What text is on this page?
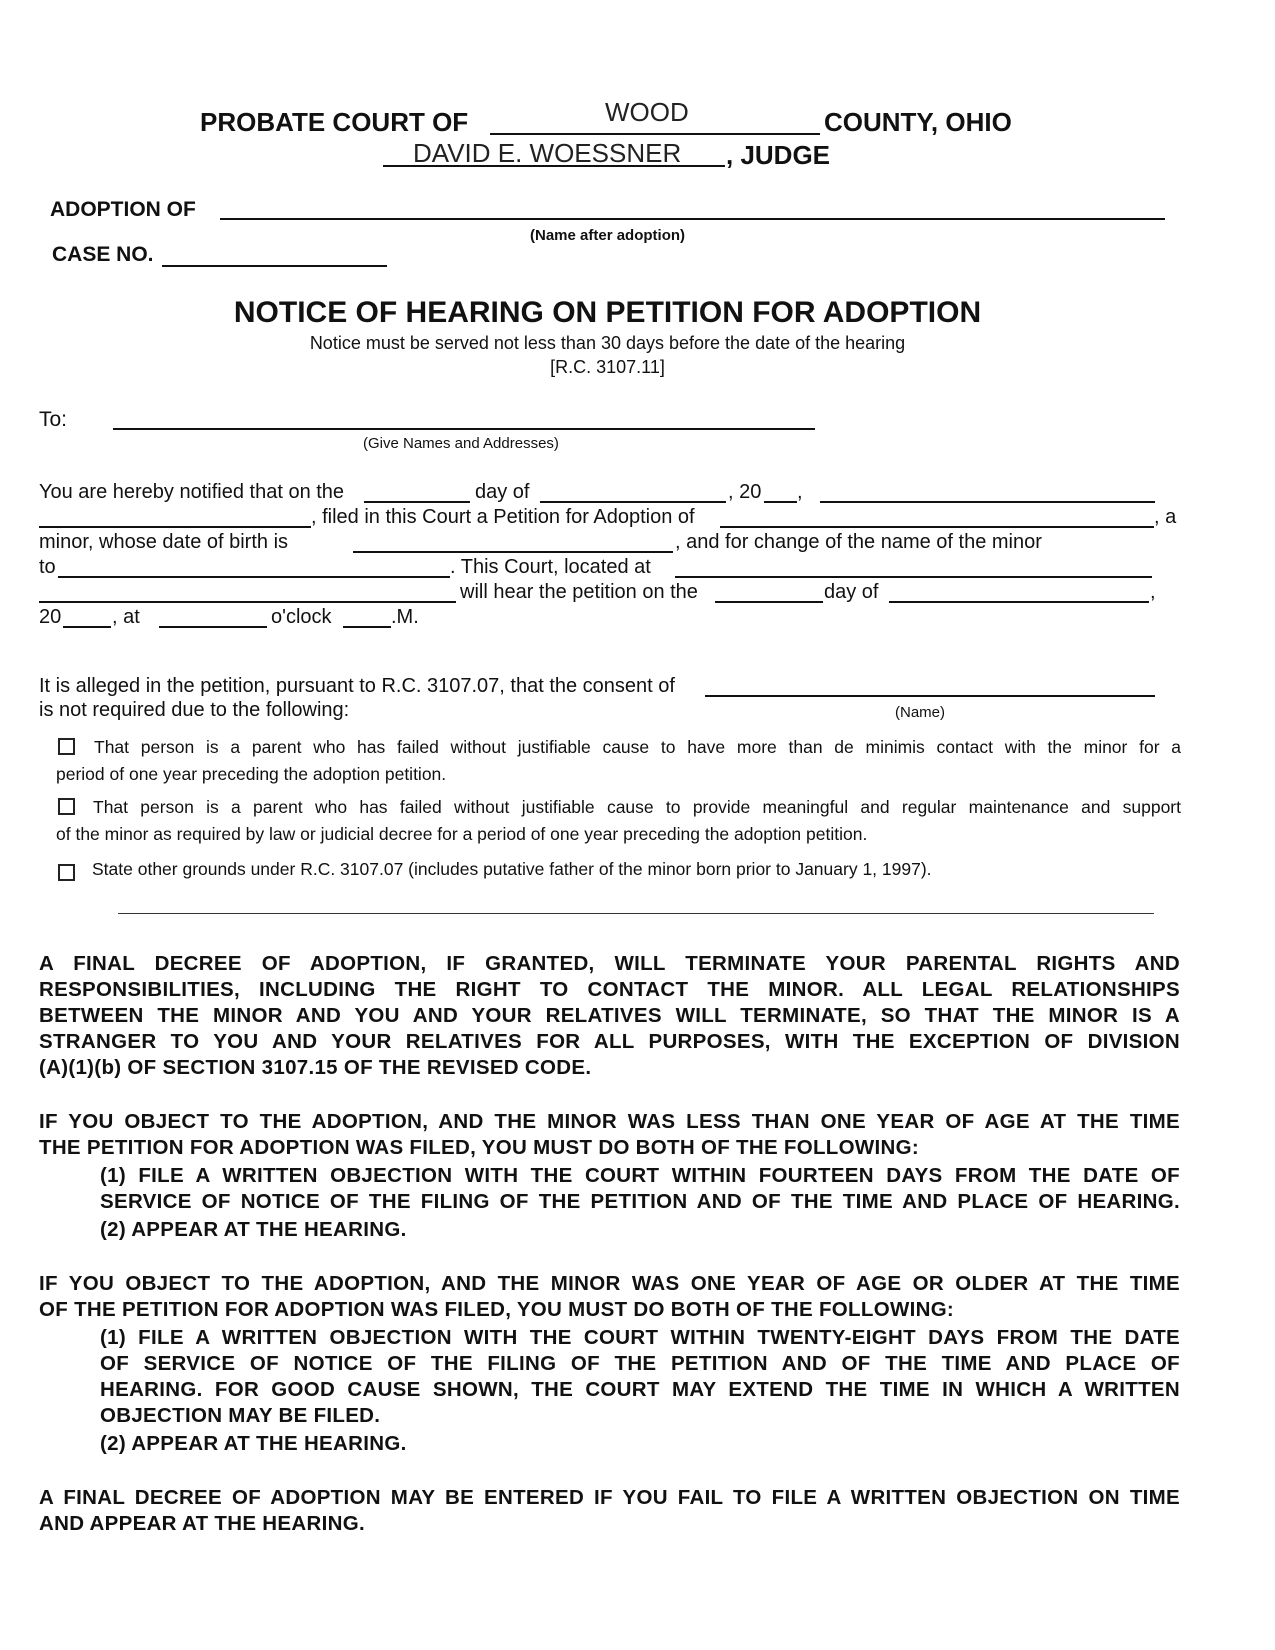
PROBATE COURT OF	WOOD	COUNTY, OHIO
DAVID E. WOESSNER , JUDGE
ADOPTION OF
(Name after adoption)
CASE NO.
NOTICE OF HEARING ON PETITION FOR ADOPTION
Notice must be served not less than 30 days before the date of the hearing
[R.C. 3107.11]
To:
(Give Names and Addresses)
You are hereby notified that on the	day of	, 20 ,
, filed in this Court a Petition for Adoption of	, a
minor, whose date of birth is	, and for change of the name of the minor
to	. This Court, located at
will hear the petition on the	day of	,
20	, at	o'clock	.M.
It is alleged in the petition, pursuant to R.C. 3107.07, that the consent of
is not required due to the following:	(Name)
That person is a parent who has failed without justifiable cause to have more than de minimis contact with the minor for a
period of one year preceding the adoption petition.
That person is a parent who has failed without justifiable cause to provide meaningful and regular maintenance and support
of the minor as required by law or judicial decree for a period of one year preceding the adoption petition.
State other grounds under R.C. 3107.07 (includes putative father of the minor born prior to January 1, 1997).
A FINAL DECREE OF ADOPTION, IF GRANTED, WILL TERMINATE YOUR PARENTAL RIGHTS AND
RESPONSIBILITIES, INCLUDING THE RIGHT TO CONTACT THE MINOR. ALL LEGAL RELATIONSHIPS
BETWEEN THE MINOR AND YOU AND YOUR RELATIVES WILL TERMINATE, SO THAT THE MINOR IS A
STRANGER TO YOU AND YOUR RELATIVES FOR ALL PURPOSES, WITH THE EXCEPTION OF DIVISION
(A)(1)(b) OF SECTION 3107.15 OF THE REVISED CODE.
IF YOU OBJECT TO THE ADOPTION, AND THE MINOR WAS LESS THAN ONE YEAR OF AGE AT THE TIME
THE PETITION FOR ADOPTION WAS FILED, YOU MUST DO BOTH OF THE FOLLOWING:
(1) FILE A WRITTEN OBJECTION WITH THE COURT WITHIN FOURTEEN DAYS FROM THE DATE OF
SERVICE OF NOTICE OF THE FILING OF THE PETITION AND OF THE TIME AND PLACE OF HEARING.
(2) APPEAR AT THE HEARING.
IF YOU OBJECT TO THE ADOPTION, AND THE MINOR WAS ONE YEAR OF AGE OR OLDER AT THE TIME
OF THE PETITION FOR ADOPTION WAS FILED, YOU MUST DO BOTH OF THE FOLLOWING:
(1) FILE A WRITTEN OBJECTION WITH THE COURT WITHIN TWENTY-EIGHT DAYS FROM THE DATE
OF SERVICE OF NOTICE OF THE FILING OF THE PETITION AND OF THE TIME AND PLACE OF
HEARING. FOR GOOD CAUSE SHOWN, THE COURT MAY EXTEND THE TIME IN WHICH A WRITTEN
OBJECTION MAY BE FILED.
(2) APPEAR AT THE HEARING.
A FINAL DECREE OF ADOPTION MAY BE ENTERED IF YOU FAIL TO FILE A WRITTEN OBJECTION ON TIME
AND APPEAR AT THE HEARING.
